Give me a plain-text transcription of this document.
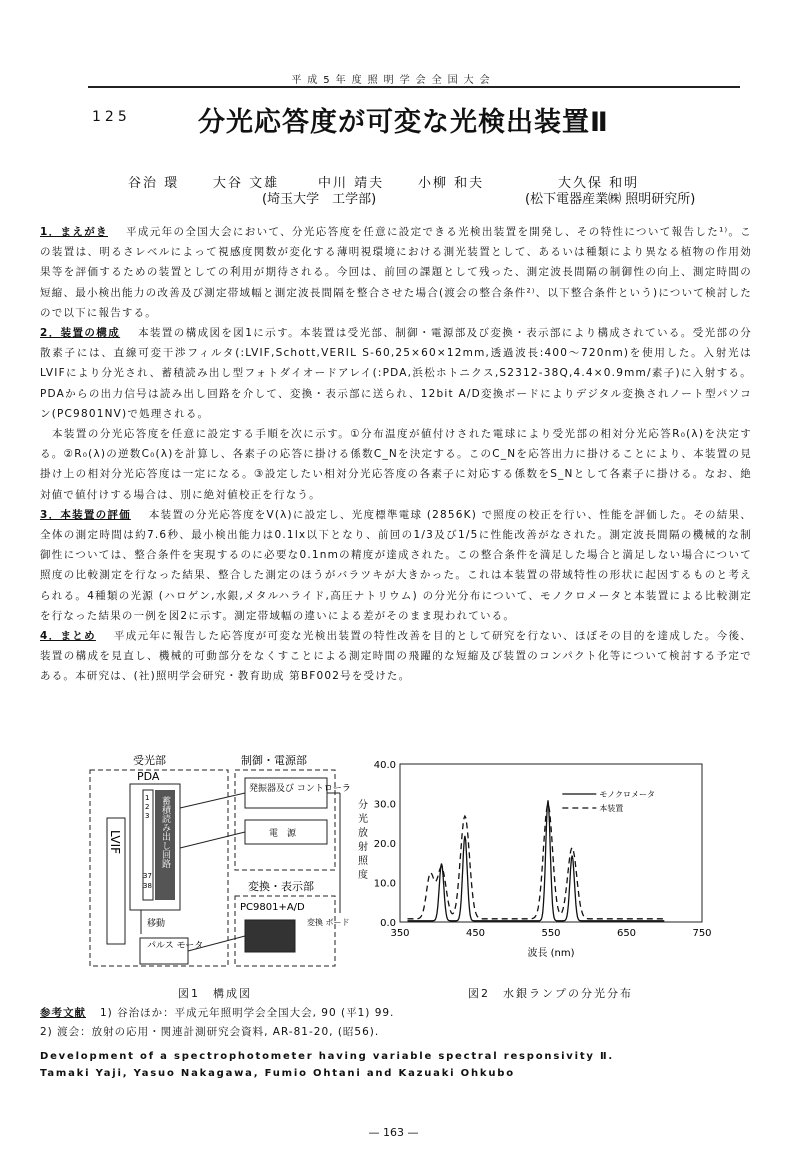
平成5年度照明学会全国大会
125 分光応答度が可変な光検出装置Ⅱ
谷治 環	大谷 文雄	中川 靖夫	小柳 和夫	大久保 和明
(埼玉大学　工学部)	(松下電器産業㈱ 照明研究所)

1．まえがき 平成元年の全国大会において、分光応答度を任意に設定できる光検出装置を開発し、その特性について報告した¹⁾。この装置は、明るさレベルによって視感度関数が変化する薄明視環境における測光装置として、あるいは種類により異なる植物の作用効果等を評価するための装置としての利用が期待される。今回は、前回の課題として残った、測定波長間隔の制御性の向上、測定時間の短縮、最小検出能力の改善及び測定帯域幅と測定波長間隔を整合させた場合(渡会の整合条件²⁾、以下整合条件という)について検討したので以下に報告する。

2．装置の構成 本装置の構成図を図1に示す。本装置は受光部、制御・電源部及び変換・表示部により構成されている。受光部の分散素子には、直線可変干渉フィルタ(:LVIF,Schott,VERIL S-60,25×60×12mm,透過波長:400～720nm)を使用した。入射光はLVIFにより分光され、蓄積読み出し型フォトダイオードアレイ(:PDA,浜松ホトニクス,S2312-38Q,4.4×0.9mm/素子)に入射する。 PDAからの出力信号は読み出し回路を介して、変換・表示部に送られ、12bit A/D変換ボードによりデジタル変換されノート型パソコン(PC9801NV)で処理される。

　本装置の分光応答度を任意に設定する手順を次に示す。①分布温度が値付けされた電球により受光部の相対分光応答R₀(λ)を決定する。②R₀(λ)の逆数C₀(λ)を計算し、各素子の応答に掛ける係数C_Nを決定する。このC_Nを応答出力に掛けることにより、本装置の見掛け上の相対分光応答度は一定になる。③設定したい相対分光応答度の各素子に対応する係数をS_Nとして各素子に掛ける。なお、絶対値で値付けする場合は、別に絶対値校正を行なう。

3．本装置の評価 本装置の分光応答度をV(λ)に設定し、光度標準電球 (2856K) で照度の校正を行い、性能を評価した。その結果、全体の測定時間は約7.6秒、最小検出能力は0.1lx以下となり、前回の1/3及び1/5に性能改善がなされた。測定波長間隔の機械的な制御性については、整合条件を実現するのに必要な0.1nmの精度が達成された。この整合条件を満足した場合と満足しない場合について照度の比較測定を行なった結果、整合した測定のほうがバラツキが大きかった。これは本装置の帯域特性の形状に起因するものと考えられる。4種類の光源 (ハロゲン,水銀,メタルハライド,高圧ナトリウム) の分光分布について、モノクロメータと本装置による比較測定を行なった結果の一例を図2に示す。測定帯域幅の違いによる差がそのまま現われている。

4．まとめ 平成元年に報告した応答度が可変な光検出装置の特性改善を目的として研究を行ない、ほぼその目的を達成した。今後、装置の構成を見直し、機械的可動部分をなくすことによる測定時間の飛躍的な短縮及び装置のコンパクト化等について検討する予定である。本研究は、(社)照明学会研究・教育助成 第BF002号を受けた。

受光部	制御・電源部
PDA
1
2
3
37
38
蓄積読み出し回路
LVIF
移動
パルス モータ
発振器及び コントローラ
電　源
変換・表示部
PC9801+A/D
変換 ボード
350	450	550	650	750
0.0
10.0
20.0
30.0
40.0
波長 (nm)
分
光
放
射
照
度
モノクロメータ
本装置
図1　構成図	図2　水銀ランプの分光分布
参考文献 1) 谷治ほか：平成元年照明学会全国大会, 90 (平1) 99.
2) 渡会：放射の応用・関連計測研究会資料, AR-81-20, (昭56).
Development of a spectrophotometer having variable spectral responsivity Ⅱ.
Tamaki Yaji, Yasuo Nakagawa, Fumio Ohtani and Kazuaki Ohkubo
— 163 —
